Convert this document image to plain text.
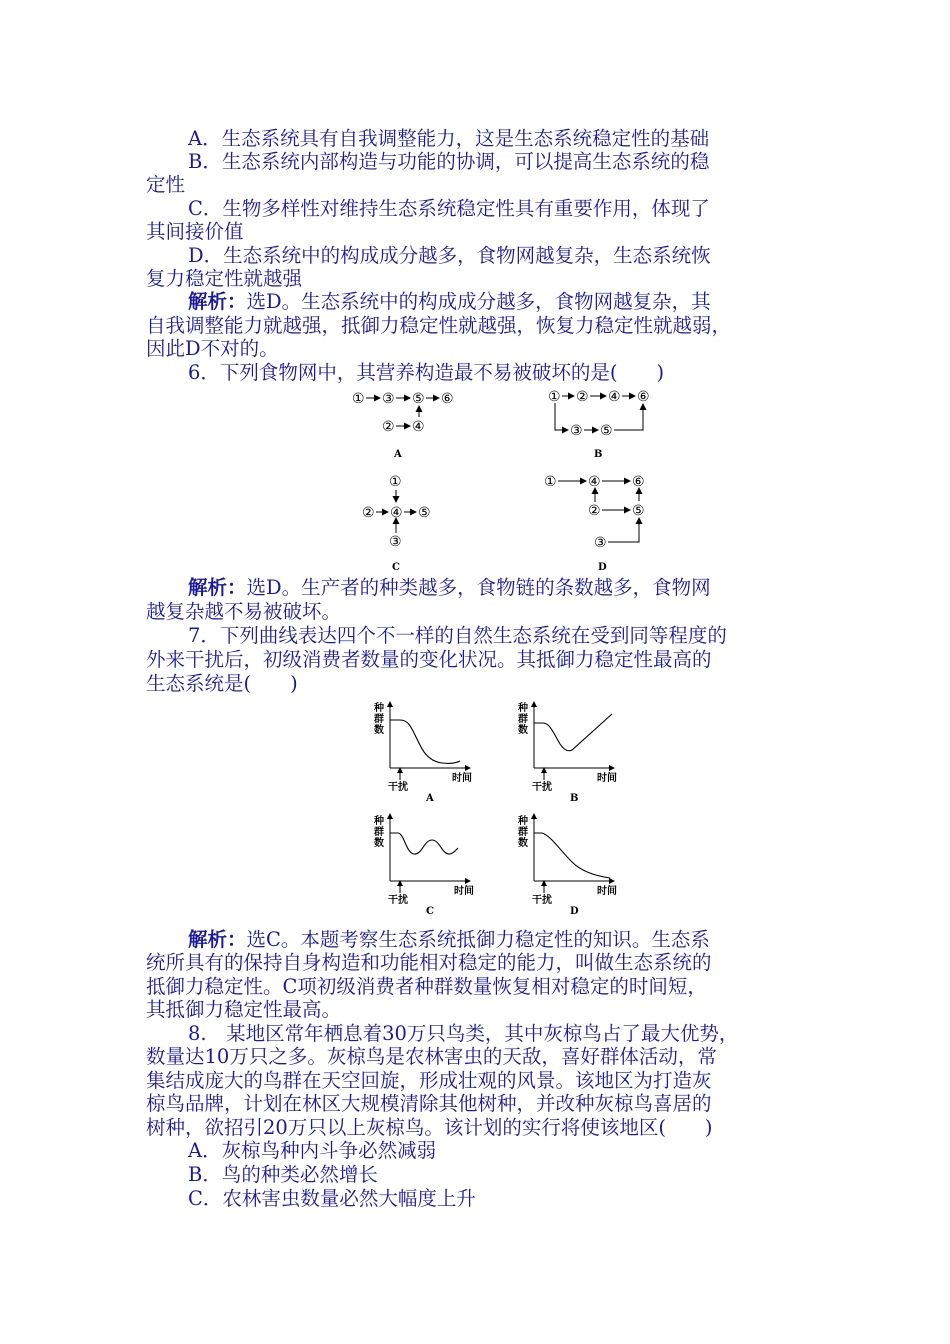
A．生态系统具有自我调整能力，这是生态系统稳定性的基础
B．生态系统内部构造与功能的协调，可以提高生态系统的稳
定性
C．生物多样性对维持生态系统稳定性具有重要作用，体现了
其间接价值
D．生态系统中的构成成分越多，食物网越复杂，生态系统恢
复力稳定性就越强
解析：选D。生态系统中的构成成分越多，食物网越复杂，其
自我调整能力就越强，抵御力稳定性就越强，恢复力稳定性就越弱，
因此D不对的。
6．下列食物网中，其营养构造最不易被破坏的是(　　)
① ③ ⑤ ⑥
② ④
A
① ② ④ ⑥
③ ⑤
B
①
② ④ ⑤
③
C
① ④ ⑥
② ⑤
③
D
解析：选D。生产者的种类越多，食物链的条数越多，食物网
越复杂越不易被破坏。
7．下列曲线表达四个不一样的自然生态系统在受到同等程度的
外来干扰后，初级消费者数量的变化状况。其抵御力稳定性最高的
生态系统是(　　)
种
群
数
干扰
时间
A
种
群
数
干扰
时间
B
种
群
数
干扰
时间
C
种
群
数
干扰
时间
D
解析：选C。本题考察生态系统抵御力稳定性的知识。生态系
统所具有的保持自身构造和功能相对稳定的能力，叫做生态系统的
抵御力稳定性。C项初级消费者种群数量恢复相对稳定的时间短，
其抵御力稳定性最高。
8.　某地区常年栖息着30万只鸟类，其中灰椋鸟占了最大优势，
数量达10万只之多。灰椋鸟是农林害虫的天敌，喜好群体活动，常
集结成庞大的鸟群在天空回旋，形成壮观的风景。该地区为打造灰
椋鸟品牌，计划在林区大规模清除其他树种，并改种灰椋鸟喜居的
树种，欲招引20万只以上灰椋鸟。该计划的实行将使该地区(　　)
A．灰椋鸟种内斗争必然减弱
B．鸟的种类必然增长
C．农林害虫数量必然大幅度上升
